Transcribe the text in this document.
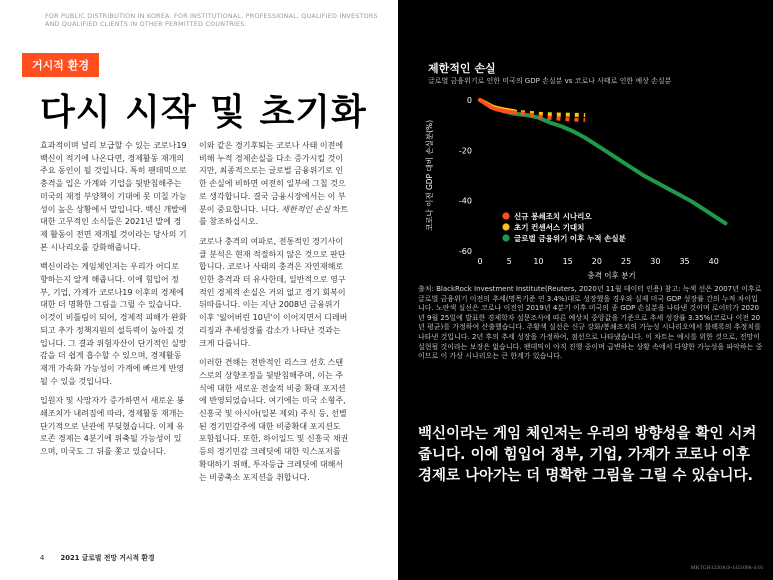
FOR PUBLIC DISTRIBUTION IN KOREA. FOR INSTITUTIONAL, PROFESSIONAL, QUALIFIED INVESTORS AND QUALIFIED CLIENTS IN OTHER PERMITTED COUNTRIES.
거시적 환경
다시 시작 및 초기화

효과적이며 널리 보급할 수 있는 코로나19 백신이 적기에 나온다면, 경제활동 재개의 주요 동인이 될 것입니다. 특히 팬데믹으로 충격을 입은 가계와 기업을 뒷받침해주는 미국의 재정 부양책이 기대에 못 미칠 가능성이 높은 상황에서 말입니다. 백신 개발에 대한 고무적인 소식들은 2021년 말에 경제 활동이 전면 재개될 것이라는 당사의 기본 시나리오를 강화해줍니다.

백신이라는 게임체인저는 우리가 어디로 향하는지 알게 해줍니다. 이에 힘입어 정부, 기업, 가계가 코로나19 이후의 경제에 대한 더 명확한 그림을 그릴 수 있습니다. 이것이 비틀림이 되어, 경제적 피해가 완화되고 추가 정책지원의 설득력이 높아질 것입니다. 그 결과 위험자산이 단기적인 실망감을 더 쉽게 흡수할 수 있으며, 경제활동 재개 가속화 가능성이 가계에 빠르게 반영될 수 있을 것입니다.

입원자 및 사망자가 증가하면서 새로운 봉쇄조치가 내려짐에 따라, 경제활동 재개는 단기적으로 난관에 부딪혔습니다. 이제 유로존 경제는 4분기에 위축될 가능성이 있으며, 미국도 그 뒤를 쫓고 있습니다.

이와 같은 경기후퇴는 코로나 사태 이전에 비해 누적 경제손실을 다소 증가시킬 것이지만, 최종적으로는 글로벌 금융위기로 인한 손실에 비하면 여전히 일부에 그칠 것으로 생각합니다. 결국 금융시장에서는 이 부분이 중요합니다. 니다. 제한적인 손실 차트를 참조하십시오.

코로나 충격의 여파로, 전통적인 경기사이클 분석은 현재 적절하지 않은 것으로 판단합니다. 코로나 사태의 충격은 자연재해로 인한 충격과 더 유사한데, 일반적으로 영구적인 경제적 손실은 거의 없고 경기 회복이 뒤따릅니다. 이는 지난 2008년 금융위기 이후 '잃어버린 10년'이 이어지면서 디레버리징과 추세성장률 감소가 나타난 것과는 크게 다릅니다.

이러한 견해는 전반적인 리스크 선호 스탠스로의 상향조정을 뒷받침해주며, 이는 주식에 대한 새로운 전술적 비중 확대 포지션에 반영되었습니다. 여기에는 미국 소형주, 신흥국 및 아시아(일본 제외) 주식 등, 선별된 경기민감주에 대한 비중확대 포지션도 포함됩니다. 또한, 하이일드 및 신흥국 채권 등의 경기민감 크레딧에 대한 익스포저를 확대하기 위해, 투자등급 크레딧에 대해서는 비중축소 포지션을 취합니다.

4 2021 글로벌 전망 거시적 환경
제한적인 손실
글로벌 금융위기로 인한 미국의 GDP 손실분 vs 코로나 사태로 인한 예상 손실분
코로나 이전 GDP 대비 손실분(%)
0
-20
-40
-60
0	5	10 15 20 25 30 35 40
충격 이후 분기
신규 봉쇄조치 시나리오
초기 컨센서스 기대치
글로벌 금융위기 이후 누적 손실분
출처: BlackRock Investment Institute(Reuters, 2020년 11월 데이터 인용) 참고: 녹색 선은 2007년 이후로 글로벌 금융위기 이전의 추세(명목기준 연 3.4%)대로 성장했을 경우와 실제 미국 GDP 성장률 간의 누적 차이입니다. 노란색 실선은 코로나 이전인 2019년 4분기 이후 미국의 종 GDP 손실분을 나타낸 것이며 로이터가 2020년 9월 25일에 발표한 경제학자 설문조사에 따른 예상치 중앙값을 기준으로 추세 성장률 3.35%(코로나 이전 20년 평균)를 가정하여 산출했습니다. 주황색 실선은 신규 강화/봉쇄조치의 가능성 시나리오에서 블랙록의 추정치를 나타낸 것입니다. 2년 후의 추세 성장을 가정하여, 점선으로 나타냈습니다. 이 차트는 예시를 위한 것으로, 전망이 실현될 것이라는 보장은 없습니다. 팬데믹이 아직 진행 중이며 급변하는 상황 속에서 다양한 가능성을 파악하는 중이므로 이 가상 시나리오는 큰 한계가 있습니다.
백신이라는 게임 체인저는 우리의 방향성을 확인 시켜 줍니다. 이에 힘입어 정부, 기업, 가계가 코로나 이후 경제로 나아가는 더 명확한 그림을 그릴 수 있습니다.
MKTGH1220A/S-1451066-4/16
